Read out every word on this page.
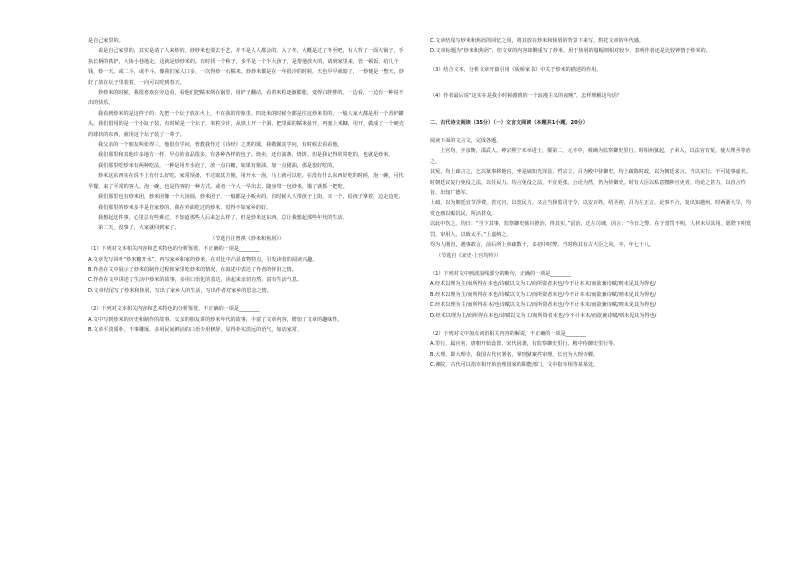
是自己家里的。

说是自己家里的，其实是请了人来炒的。炒炒米也要去手艺，并不是人人都会的。入了冬，大概是过了冬至吧，有人背了一面大锅子，手执长柄的铁铲，大街小巷地走。这就是炒炒米的。有时找一个称子，步半是一个半大孩子，是帮他放火的。请到家里来，管一顿饭，给几个钱，炒一天。或二斗，或半斗。像我们家人口多，一次得炒一石糯米。炒炒米都是在一年很冷的时候，天色早早就暗了，一炒便是一整天，炒好了放在坛子里装着，一向可以吃到春天。

炒炒米的时候，我很喜欢在旁边看，看他们把糯米倒在锅里，用铲子翻动，看着米粒逐渐膨胀，变得白胖胖的。一边看，一边有一种说不出的快乐。

我看到炒米的是这样子的：先把一个坛子放在火上，不在我的印象里。四处米的时候全都是往这炒米里的，一般人家大都是用一个香炉罐头，我们借用的是一个小缸子装，有时候是一个坛子，米粒少许，从铁上开一个洞，把里面的糯米扯开，再塞上米糠，用开，做成了一个硬壳的球状的东西，就用这个坛子装了一辈子。

我父亲的一个朋友叫张得三，他很有学问，曾教我作过《诗经》之类的课，我敬佩其学问，有时候去看看他。

我们那里和其他许多地方一样，早点的食品很多，有各种各样的包子、烧卖，还有油条、烧饼。但是我记得常常吃的，也就是炒米。

我们那里吃炒米有两种吃法，一种是用开水泡了，放一点白糖，如果有猪油，加一点猪油，那是很好吃的。

炒米这东西实在说不上有什么好吃。家常预备，不过取其方便。用开水一泡，马上就可以吃。在没有什么东西好吃的时候，泡一碗，可代早餐。来了平常的客人，泡一碗，也是待客的一种方式。或者一个人一早出去，随身带一包炒米，饿了就抓一把吃。

我们那里也有炒米团，炒米团像一个大汤圆，炒米团子，一般都是小贩卖的。有时候大人带孩子上街，买一个，给孩子拿着，边走边吃。

我们那里的炒米多半是自家炒的，我在外面吃过的炒米，觉得不如家乡的好。

我想起这件事，心里总有些难过，不知道那些人后来怎么样了，但是炒米这东西，总让我想起那些年代的生活。

第二天，没事了，大家就回到家了。

（节选自汪曾祺《炒米和焦屑》）

（1）下列对文本相关内容和艺术特色的分析鉴赏，不正确的一项是________

A.文章先写回叶“炒米糖开水”，再写家乡和家的炒米，在对比中凸显食物特点，引发读者的阅读兴趣。

B.作者在文中展示了炒米的制作过程和家里吃炒米的情况，在叙述中表达了作者的怀旧之情。

C.作者在文中讲述了生活中炒米的故事，多用口语化的表达，读起来亲切自然，富有生活气息。

D.文章结尾写了炒米和焦屑，写出了家乡人的生活，写出作者对家乡的思念之情。

（2）下列对文本相关内容和艺术特色的分析鉴赏，不正确的一项是________

A.文中写到炒米的历史和制作的故事，父亲的朋友讲的炒米年代的故事，丰富了文章内容，增加了文章的趣味性。

B.文章平淡质朴，不事雕琢，多用民间鲜活的口语少用修辞，显得朴实淡远的语气，如话家常。

C.文章结尾写炒米和焦屑的回忆之用，将其放在炒米和焦屑的背景下来写，烘托文章的年代感。

D.文章标题为“炒米和焦屑”，但文章的内容却侧重写了炒米，用于焦屑的篇幅则相对较少，表明作者还是比较钟情于炒米的。

（3）结合文本，分析文章开篇引用《板桥家书》中关于炒米的描述的作用。

（4）作者最后说“这实在是我小时候感到的一个浪漫主义的夜晚”，怎样理解这句话？

二、古代诗文阅读（35分）（一）文言文阅读（本题共1小题，20分）

阅读下面的文言文，完成各题。

上官均，字彦衡，邵武人。神宗熙宁末举进士，擢第二，元丰中，蔡确为监察御史里行。时相州狱起，子弟入，以法官有冤，使大理丞等治之。

其冤，均上疏言之，乞以狱事移他官。坐是谪知光泽县，哲宗立，召为殿中侍御史。均上疏陈时政，以为朝廷求言，当以实行，不可徒事虚名。时朝廷议复行免役之法，以任民力。均言免役之法，不宜更张。公论为然，仍为侍御史。时有大臣以私意黜陟官吏者，均论之甚力，以直言忤旨，出知广德军。

上疏，以为朝廷宜节浮费，省冗官，以宽民力。又言当择监司守令，以安百姓。绍圣初，召为左正言，论事不合，复出知越州。时两浙大旱，均发仓廪以赈饥民，所活甚众。

以此中伤之。均曰：“当下其事，监察御史韩川推治，得其实。”诏治，迁左司谏，因言：“今日之弊，在于赏罚不明，人材未尽其用。愿陛下明赏罚，审用人，以致太平。”上嘉纳之。

均为人刚直，遇事敢言，前后所上章疏数十，多切中时弊。当时称其有古大臣之风。卒，年七十八。

（节选自《宋史·上官均传》）

（1）下列对文中画波浪线部分的断句，正确的一项是________

A.经术以理为主/而所得在本也/诗赋以文为工/而所资者末也/今不计本末/而欲兼诗赋/则未见其为得也/

B.经术以理为主/而所得在本也/诗赋以文为工/而所资者末也/今不计本末/而欲兼诗赋/则未见其为得也/

C.经术以理为主/而所得在本/也诗赋以文为工/而所资者末也/今不计本末/而欲兼诗赋/则未见其为得也/

D.经术以理为主/而所得在本也/诗赋以文为工/而所资者末也/今不计本末/而欲兼诗赋/则未见其为得也/

（2）下列对文中加点词语相关内容的解说，不正确的一项是________

A.里行，属官名，唐朝开始设置，宋代因袭，有监察御史里行、殿中侍御史里行等。

B.大理，即大理寺，我国古代官署名，掌刑狱案件审理，长官为大理寺卿。

C.谏院，古代可以指宰相开始治理国家的职能部门，文中指宰相等某某处。
